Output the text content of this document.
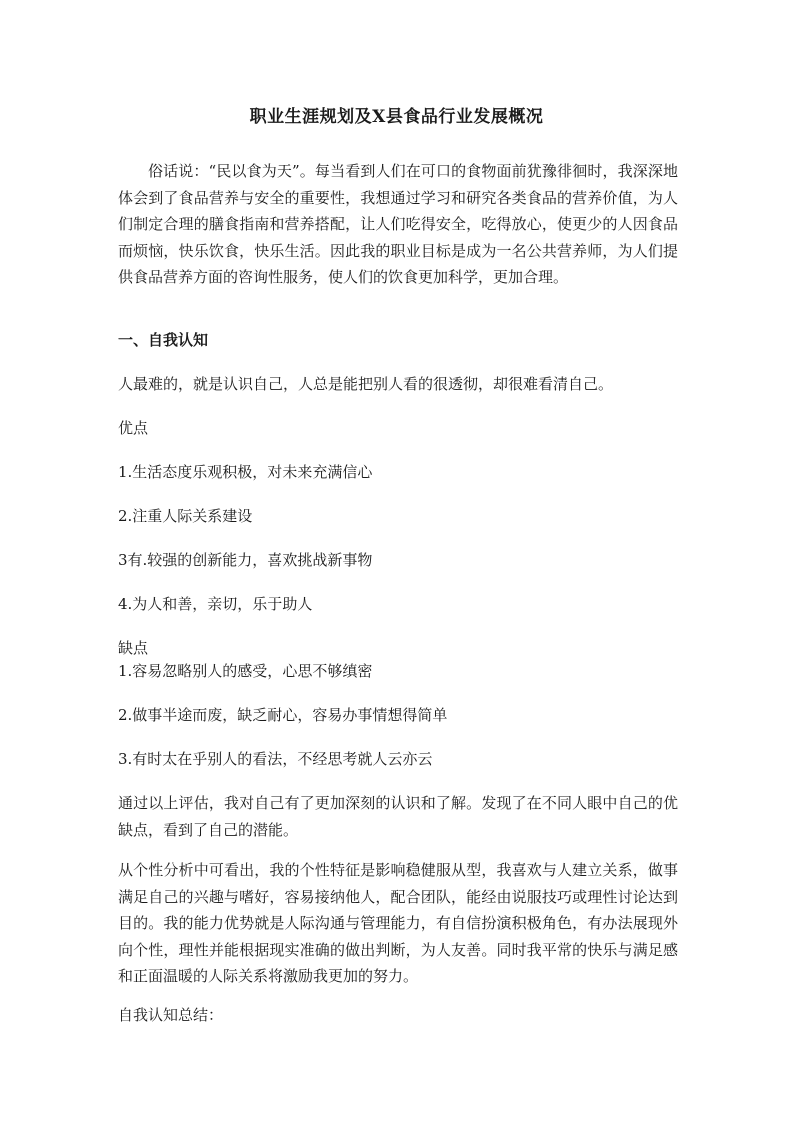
职业生涯规划及X县食品行业发展概况

俗话说：“民以食为天”。每当看到人们在可口的食物面前犹豫徘徊时，我深深地体会到了食品营养与安全的重要性，我想通过学习和研究各类食品的营养价值，为人们制定合理的膳食指南和营养搭配，让人们吃得安全，吃得放心，使更少的人因食品而烦恼，快乐饮食，快乐生活。因此我的职业目标是成为一名公共营养师，为人们提供食品营养方面的咨询性服务，使人们的饮食更加科学，更加合理。

一、自我认知

人最难的，就是认识自己，人总是能把别人看的很透彻，却很难看清自己。

优点

1.生活态度乐观积极，对未来充满信心

2.注重人际关系建设

3有.较强的创新能力，喜欢挑战新事物

4.为人和善，亲切，乐于助人

缺点

1.容易忽略别人的感受，心思不够缜密

2.做事半途而废，缺乏耐心，容易办事情想得简单

3.有时太在乎别人的看法，不经思考就人云亦云

通过以上评估，我对自己有了更加深刻的认识和了解。发现了在不同人眼中自己的优缺点，看到了自己的潜能。

从个性分析中可看出，我的个性特征是影响稳健服从型，我喜欢与人建立关系，做事满足自己的兴趣与嗜好，容易接纳他人，配合团队，能经由说服技巧或理性讨论达到目的。我的能力优势就是人际沟通与管理能力，有自信扮演积极角色，有办法展现外向个性，理性并能根据现实准确的做出判断，为人友善。同时我平常的快乐与满足感和正面温暖的人际关系将激励我更加的努力。

自我认知总结：
